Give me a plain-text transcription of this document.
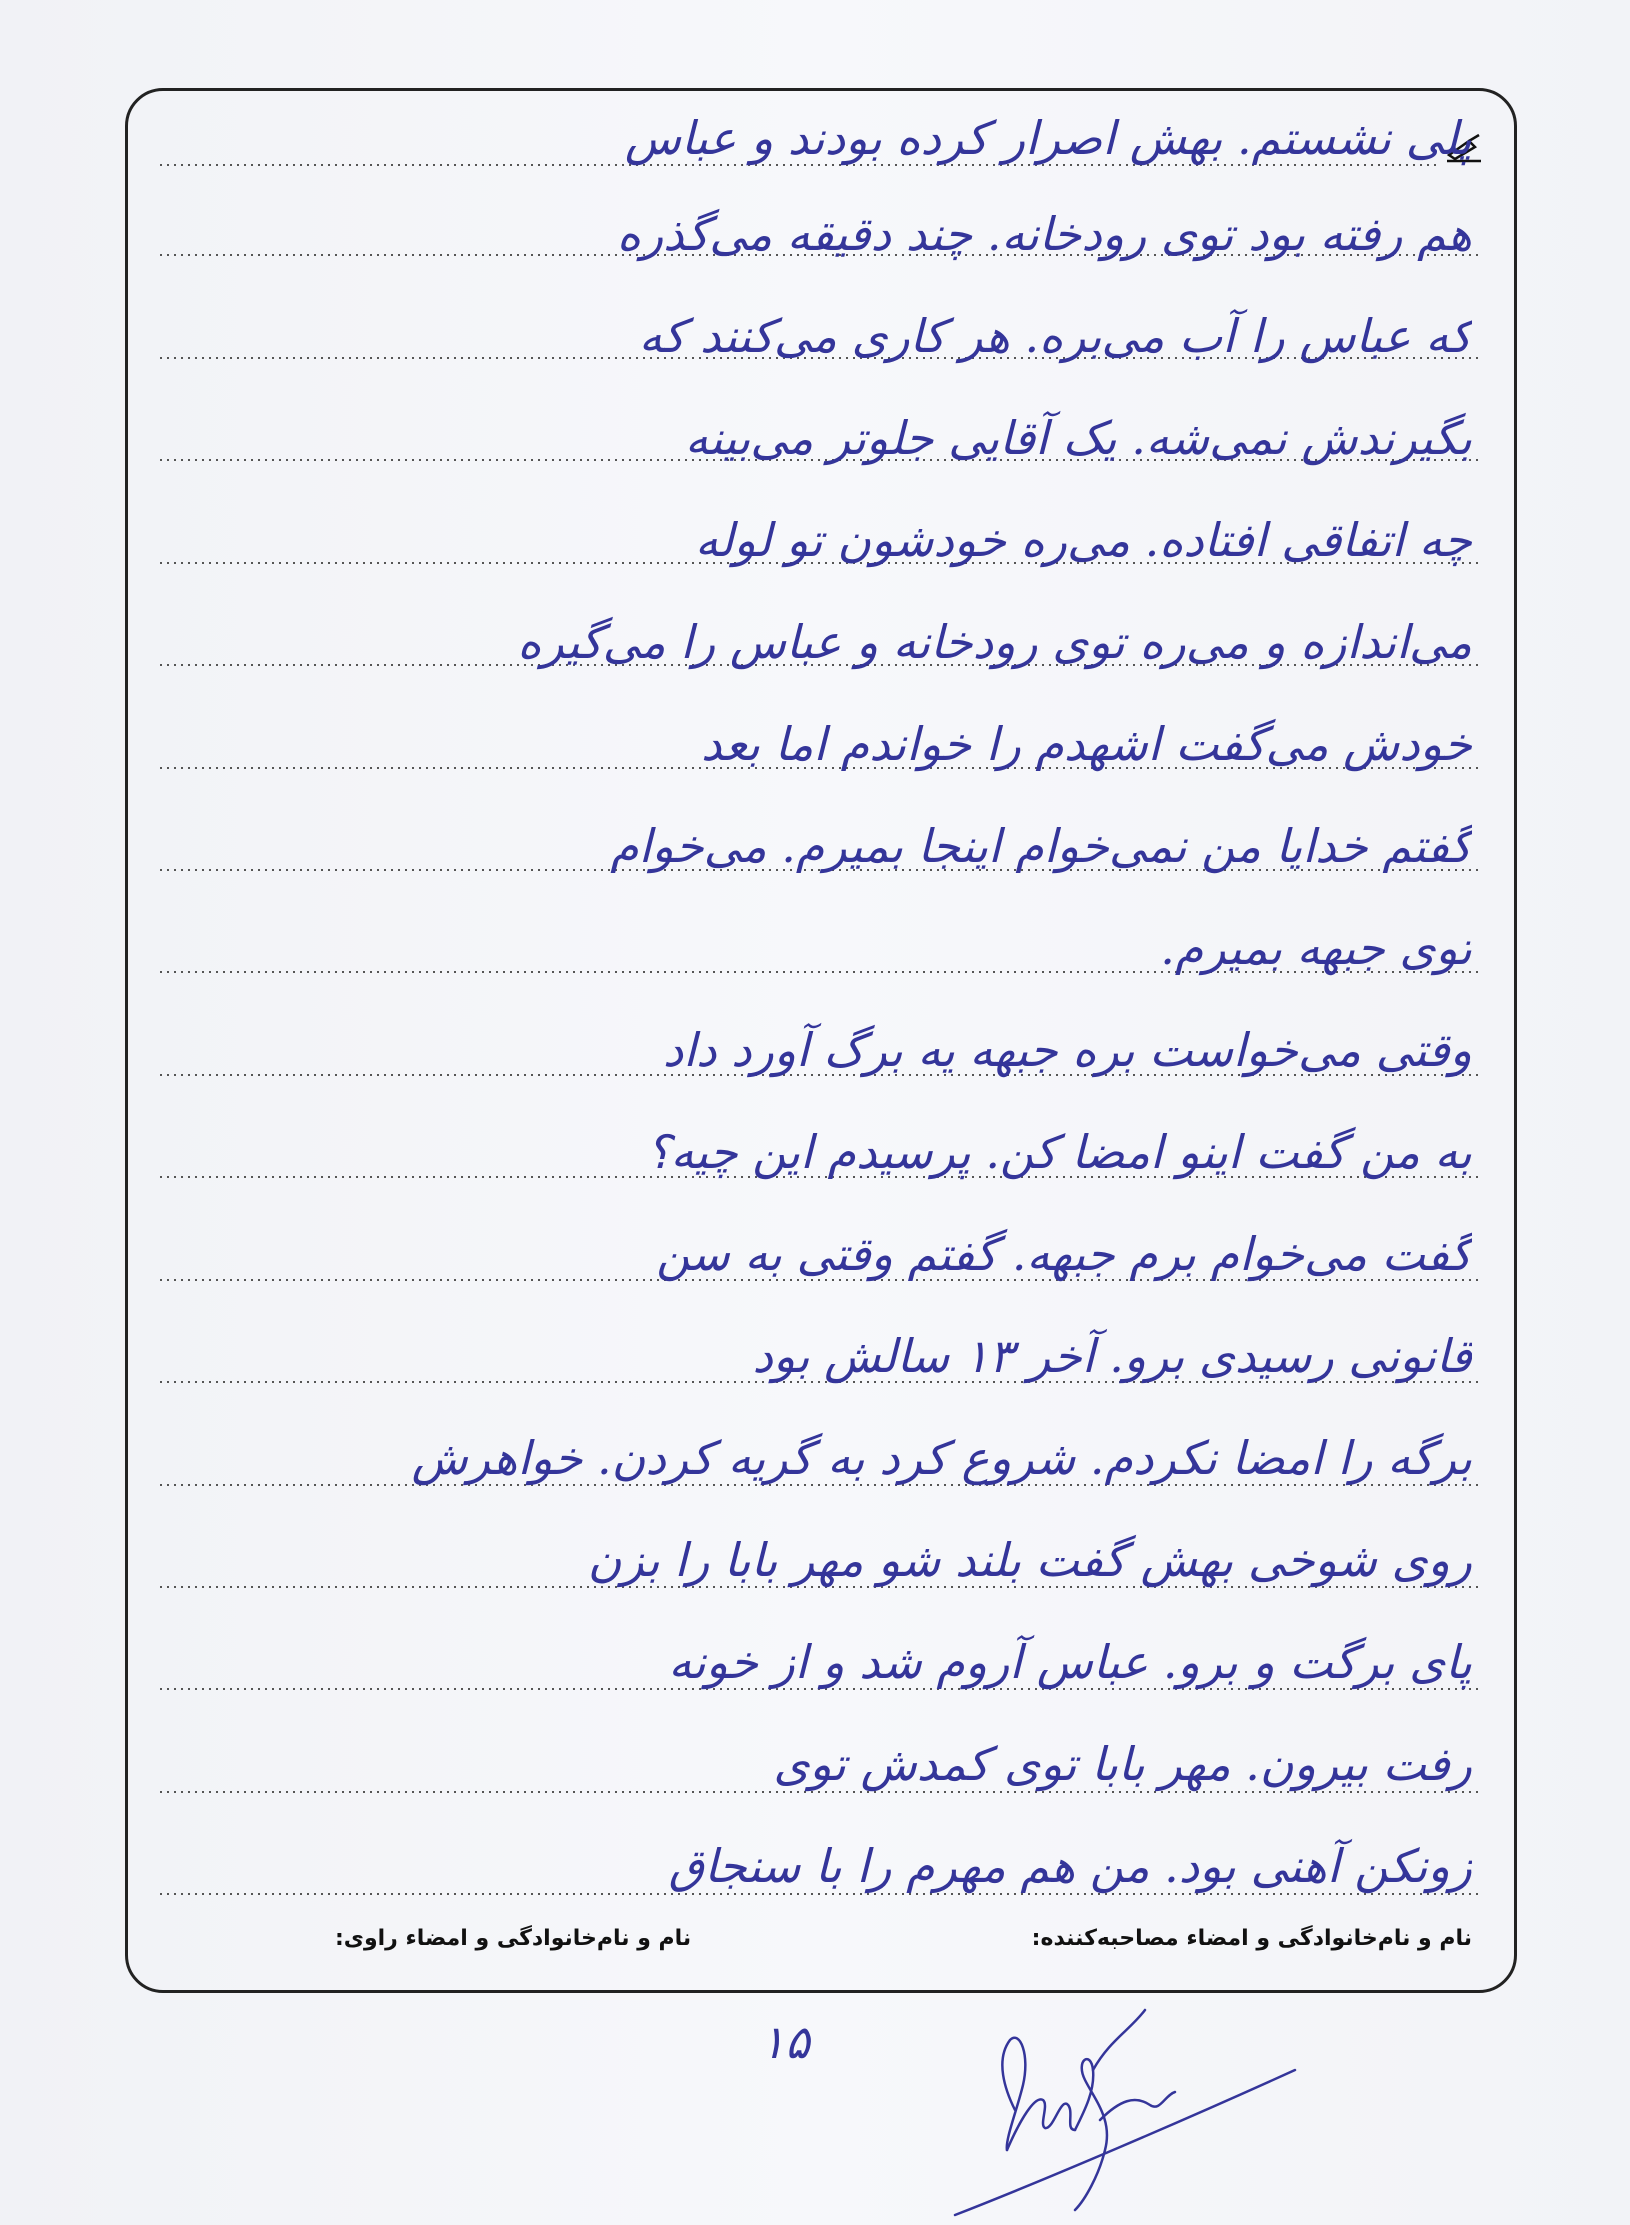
پلی نشستم. بهش اصرار کرده بودند و عباس
هم رفته بود توی رودخانه. چند دقیقه می‌گذره
که عباس را آب می‌بره. هر کاری می‌کنند که
بگیرندش نمی‌شه. یک آقایی جلوتر می‌بینه
چه اتفاقی افتاده. می‌ره خودشون تو لوله
می‌اندازه و می‌ره توی رودخانه و عباس را می‌گیره
خودش می‌گفت اشهدم را خواندم اما بعد
گفتم خدایا من نمی‌خوام اینجا بمیرم. می‌خوام
توی جبهه بمیرم.
وقتی می‌خواست بره جبهه یه برگ آورد داد
به من گفت اینو امضا کن. پرسیدم این چیه؟
گفت می‌خوام برم جبهه. گفتم وقتی به سن
قانونی رسیدی برو. آخر ۱۳ سالش بود
برگه را امضا نکردم. شروع کرد به گریه کردن. خواهرش
روی شوخی بهش گفت بلند شو مهر بابا را بزن
پای برگت و برو. عباس آروم شد و از خونه
رفت بیرون. مهر بابا توی کمدش توی
زونکن آهنی بود. من هم مهرم را با سنجاق
نام و نام‌خانوادگی و امضاء مصاحبه‌کننده:
نام و نام‌خانوادگی و امضاء راوی:
۱۵
